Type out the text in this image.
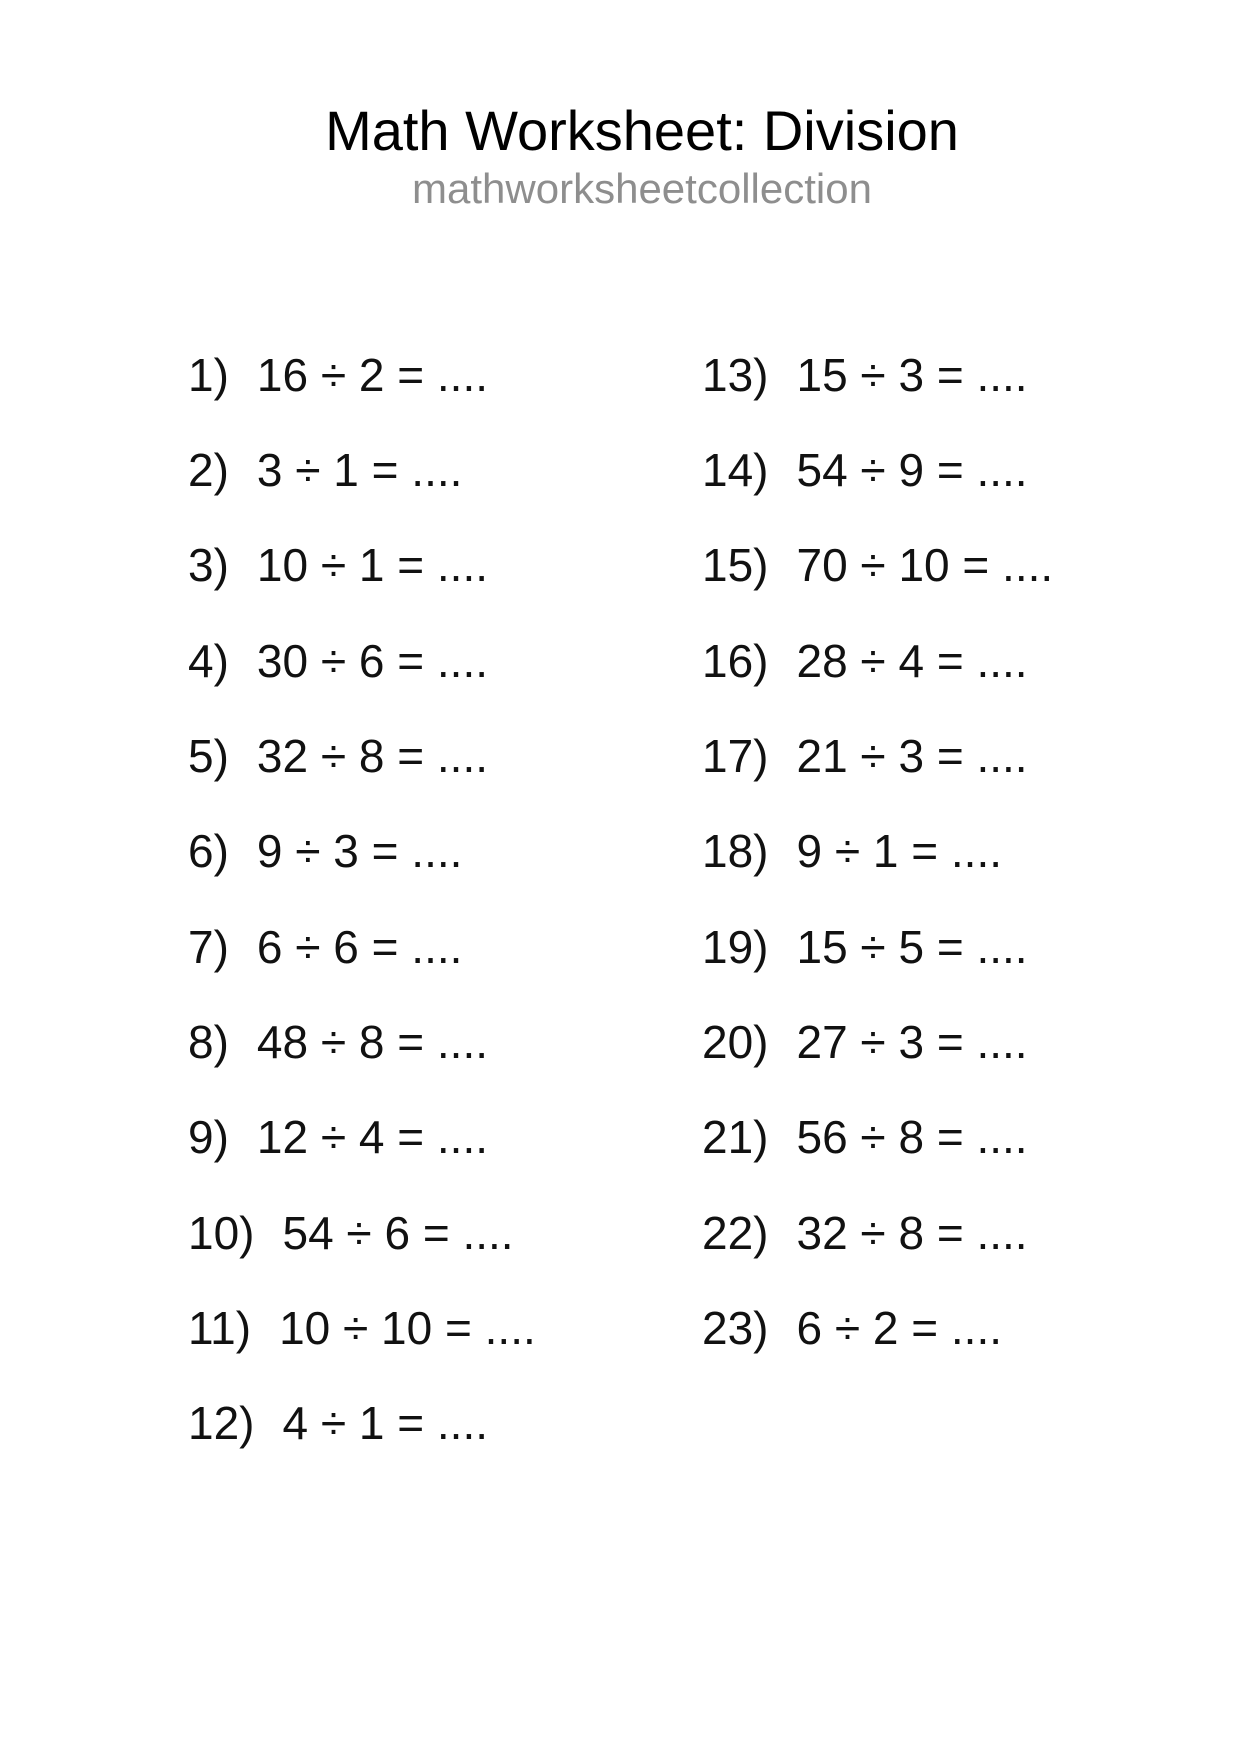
Math Worksheet: Division
mathworksheetcollection
1) 16 ÷ 2 = ....
2) 3 ÷ 1 = ....
3) 10 ÷ 1 = ....
4) 30 ÷ 6 = ....
5) 32 ÷ 8 = ....
6) 9 ÷ 3 = ....
7) 6 ÷ 6 = ....
8) 48 ÷ 8 = ....
9) 12 ÷ 4 = ....
10) 54 ÷ 6 = ....
11) 10 ÷ 10 = ....
12) 4 ÷ 1 = ....
13) 15 ÷ 3 = ....
14) 54 ÷ 9 = ....
15) 70 ÷ 10 = ....
16) 28 ÷ 4 = ....
17) 21 ÷ 3 = ....
18) 9 ÷ 1 = ....
19) 15 ÷ 5 = ....
20) 27 ÷ 3 = ....
21) 56 ÷ 8 = ....
22) 32 ÷ 8 = ....
23) 6 ÷ 2 = ....
